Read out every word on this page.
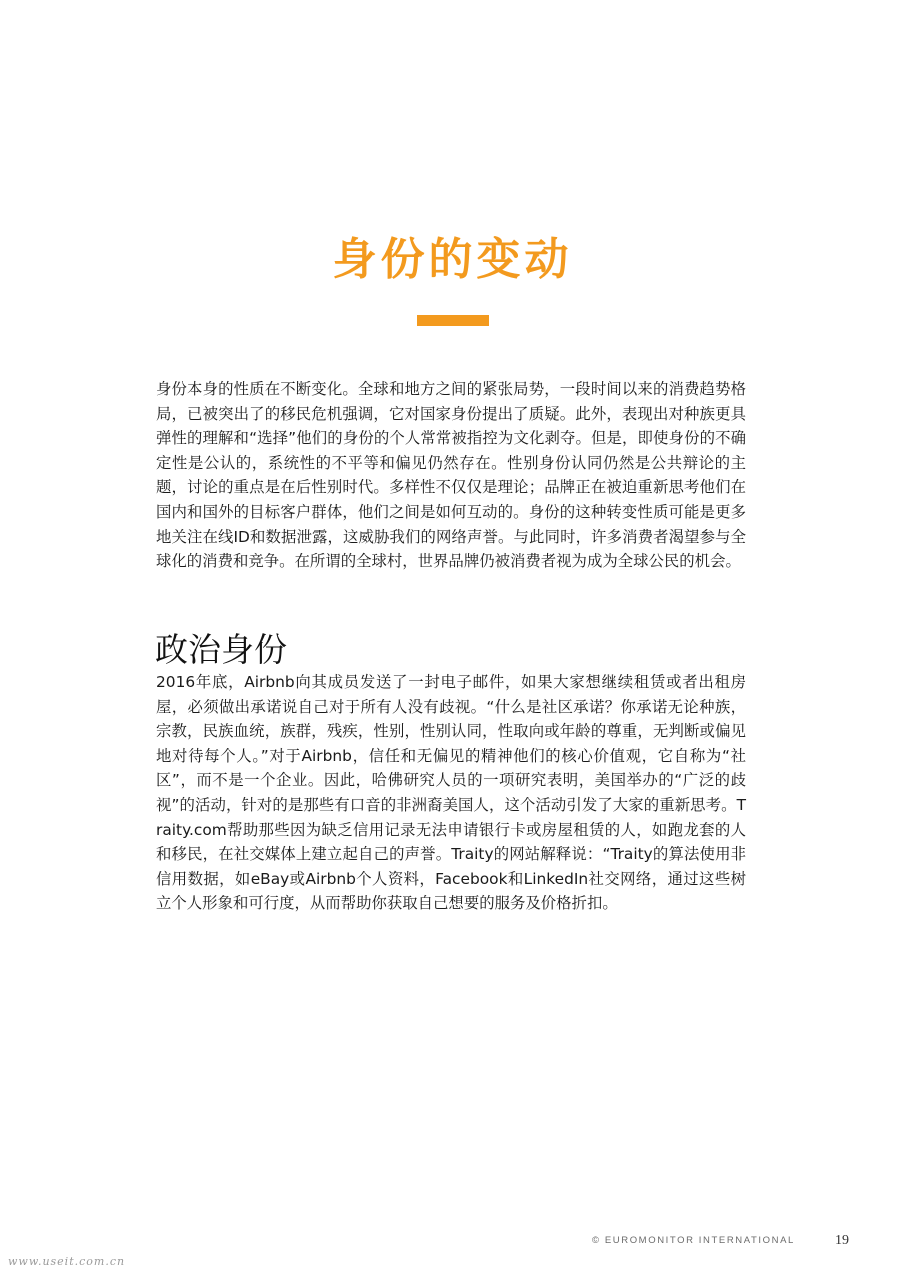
身份的变动

身份本身的性质在不断变化。全球和地方之间的紧张局势，一段时间以来的消费趋势格局，已被突出了的移民危机强调，它对国家身份提出了质疑。此外，表现出对种族更具弹性的理解和“选择”他们的身份的个人常常被指控为文化剥夺。但是，即使身份的不确定性是公认的，系统性的不平等和偏见仍然存在。性别身份认同仍然是公共辩论的主题，讨论的重点是在后性别时代。多样性不仅仅是理论；品牌正在被迫重新思考他们在国内和国外的目标客户群体，他们之间是如何互动的。身份的这种转变性质可能是更多地关注在线ID和数据泄露，这威胁我们的网络声誉。与此同时，许多消费者渴望参与全球化的消费和竞争。在所谓的全球村，世界品牌仍被消费者视为成为全球公民的机会。

政治身份

2016年底，Airbnb向其成员发送了一封电子邮件，如果大家想继续租赁或者出租房屋，必须做出承诺说自己对于所有人没有歧视。“什么是社区承诺？你承诺无论种族，宗教，民族血统，族群，残疾，性别，性别认同，性取向或年龄的尊重，无判断或偏见地对待每个人。”对于Airbnb，信任和无偏见的精神他们的核心价值观，它自称为“社区”，而不是一个企业。因此，哈佛研究人员的一项研究表明，美国举办的“广泛的歧视”的活动，针对的是那些有口音的非洲裔美国人，这个活动引发了大家的重新思考。Traity.com帮助那些因为缺乏信用记录无法申请银行卡或房屋租赁的人，如跑龙套的人和移民，在社交媒体上建立起自己的声誉。Traity的网站解释说：“Traity的算法使用非信用数据，如eBay或Airbnb个人资料，Facebook和LinkedIn社交网络，通过这些树立个人形象和可行度，从而帮助你获取自己想要的服务及价格折扣。

© EUROMONITOR INTERNATIONAL	19
www.useit.com.cn
